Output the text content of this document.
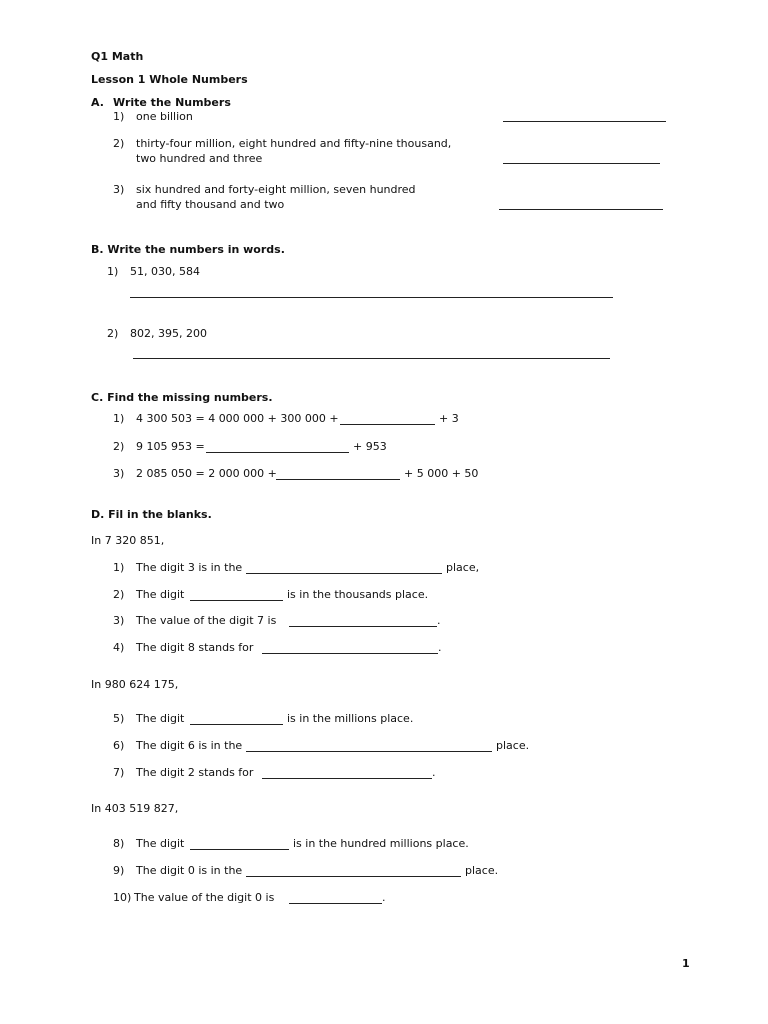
Q1 Math
Lesson 1 Whole Numbers
A. Write the Numbers
1) one billion
2) thirty-four million, eight hundred and fifty-nine thousand,
two hundred and three
3) six hundred and forty-eight million, seven hundred
and fifty thousand and two
B. Write the numbers in words.
1) 51, 030, 584
2) 802, 395, 200
C. Find the missing numbers.
1) 4 300 503 = 4 000 000 + 300 000 +	+ 3
2) 9 105 953 =	+ 953
3) 2 085 050 = 2 000 000 +	+ 5 000 + 50
D. Fil in the blanks.
In 7 320 851,
1) The digit 3 is in the	place,
2) The digit	is in the thousands place.
3) The value of the digit 7 is	.
4) The digit 8 stands for	.
In 980 624 175,
5) The digit	is in the millions place.
6) The digit 6 is in the	place.
7) The digit 2 stands for	.
In 403 519 827,
8) The digit	is in the hundred millions place.
9) The digit 0 is in the	place.
10) The value of the digit 0 is	.
1
